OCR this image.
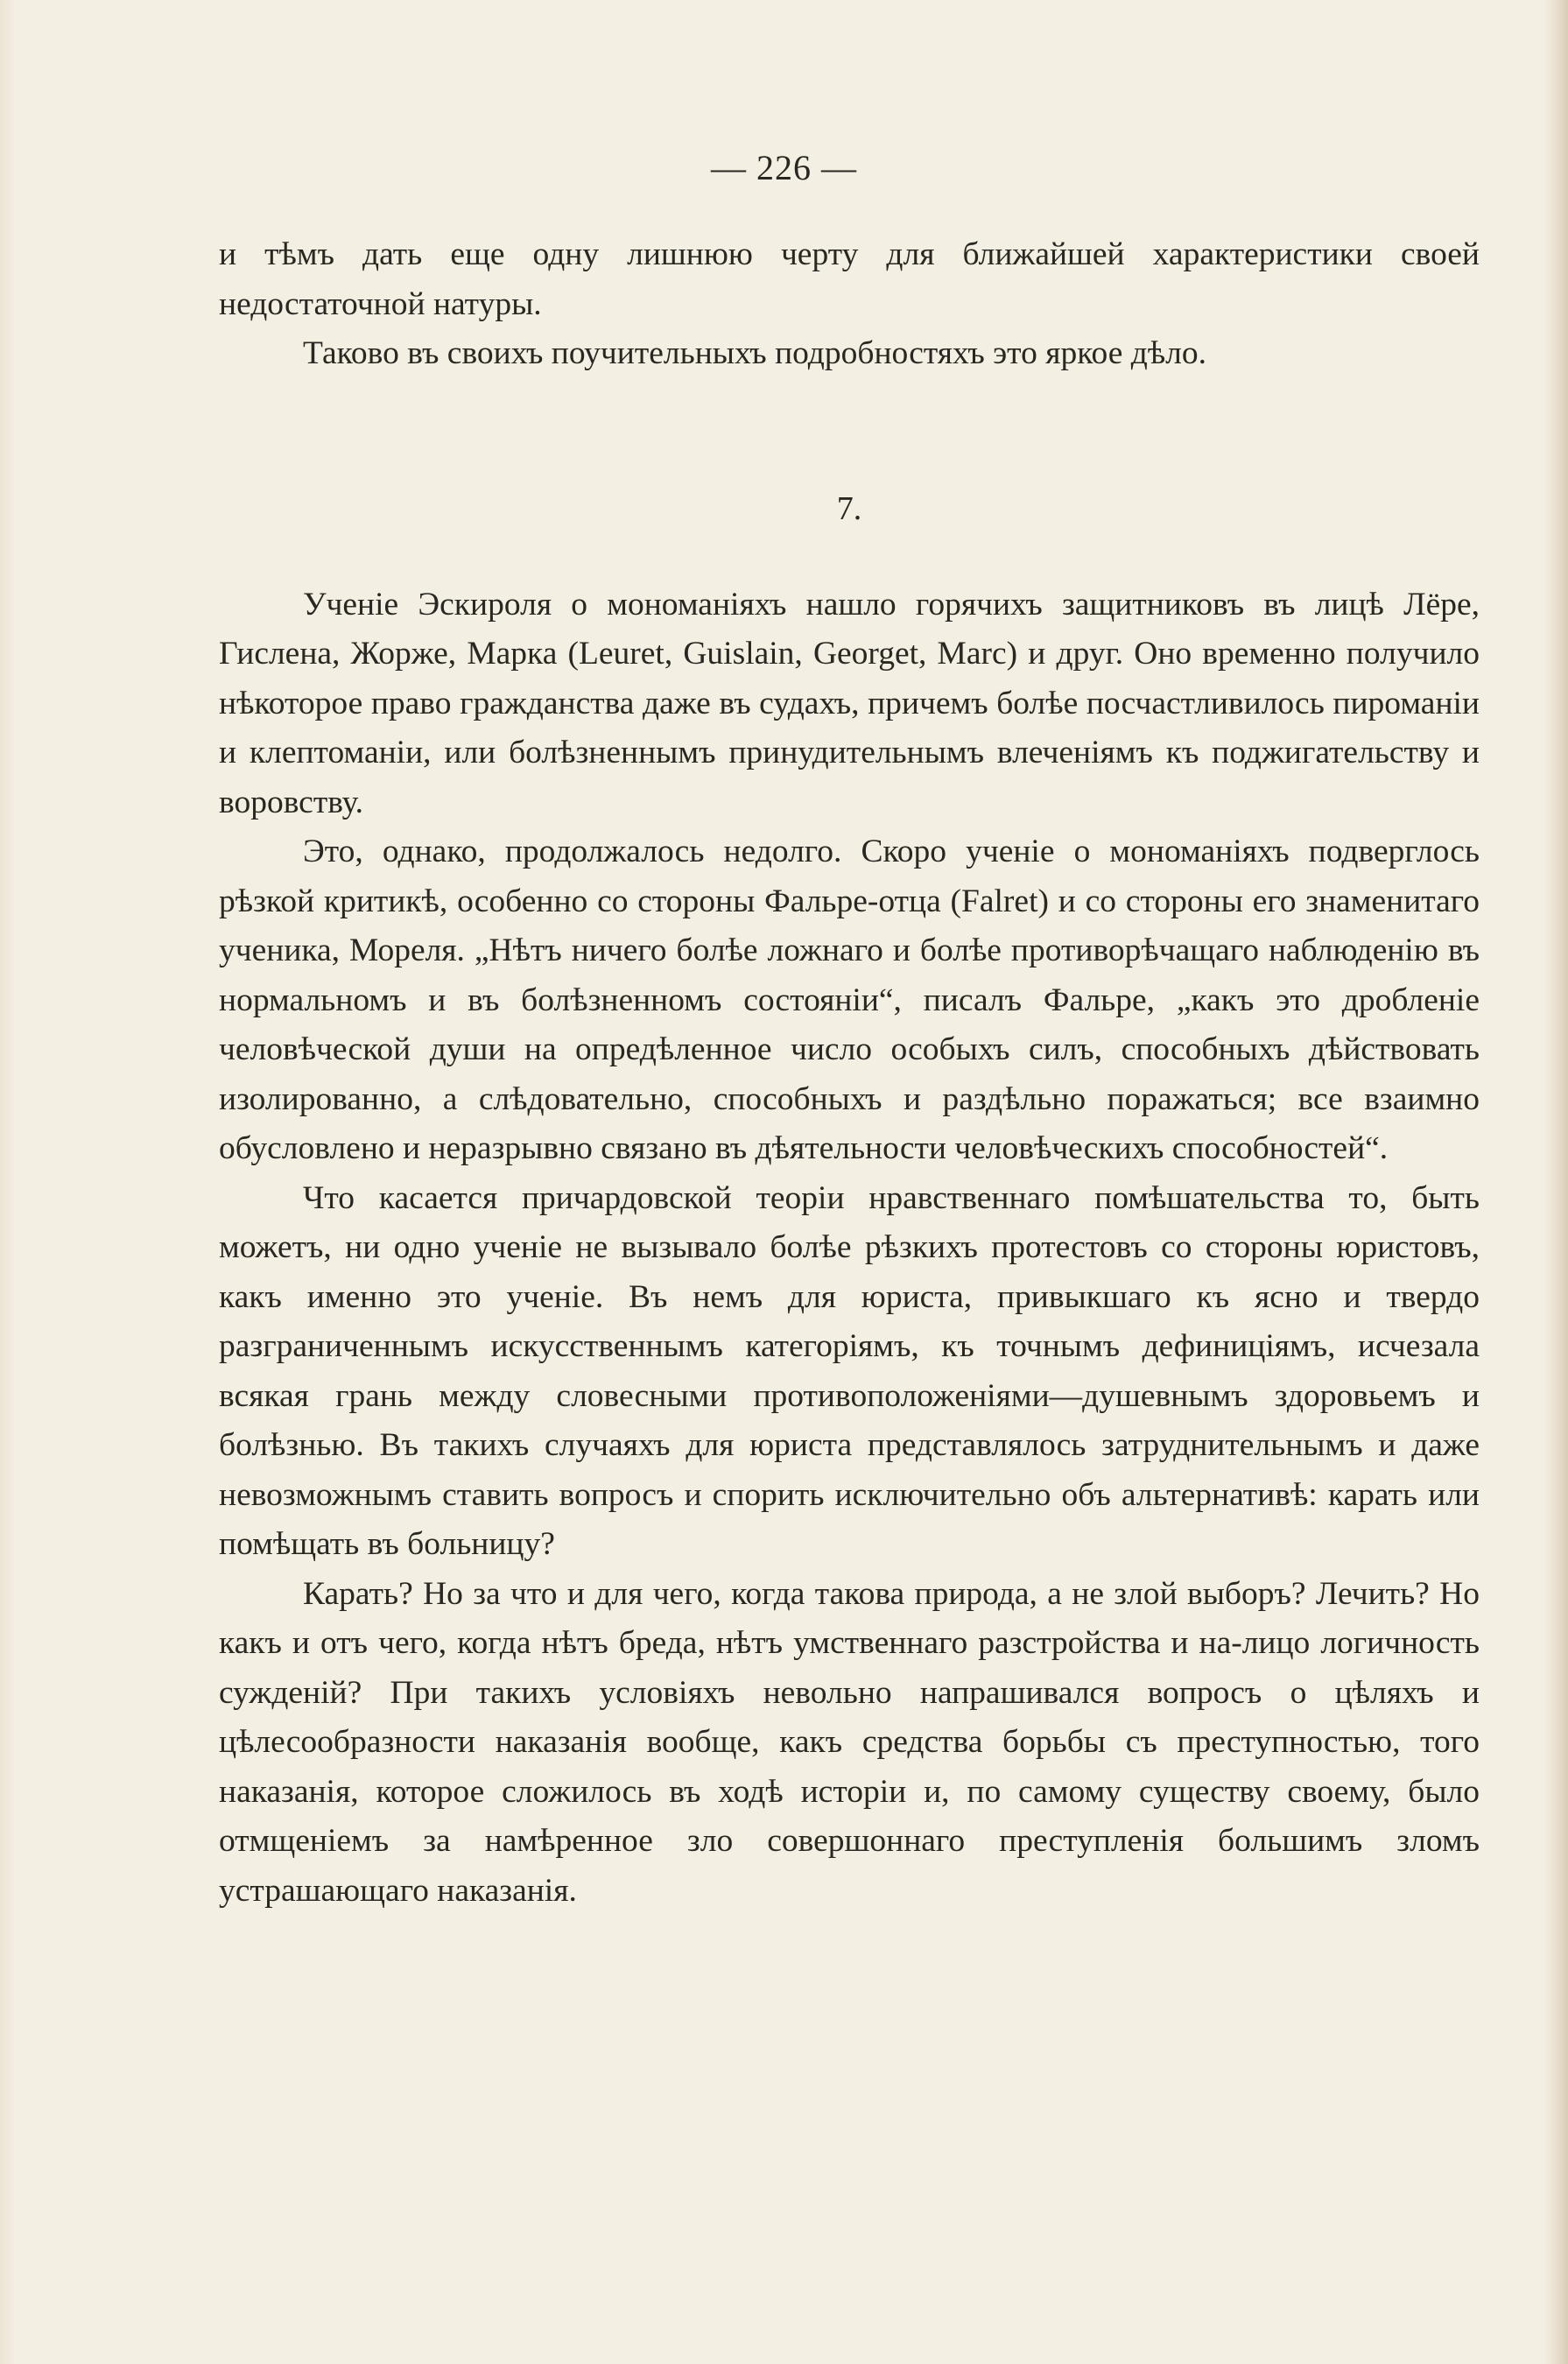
— 226 —

и тѣмъ дать еще одну лишнюю черту для ближайшей характеристики своей недостаточной натуры.

Таково въ своихъ поучительныхъ подробностяхъ это яркое дѣло.

7.

Ученіе Эскироля о мономаніяхъ нашло горячихъ защитниковъ въ лицѣ Лёре, Гислена, Жорже, Марка (Leuret, Guislain, Georget, Marc) и друг. Оно временно получило нѣкоторое право гражданства даже въ судахъ, причемъ болѣе посчастливилось пироманіи и клептоманіи, или болѣзненнымъ принудительнымъ влеченіямъ къ поджигательству и воровству.

Это, однако, продолжалось недолго. Скоро ученіе о мономаніяхъ подверглось рѣзкой критикѣ, особенно со стороны Фальре-отца (Falret) и со стороны его знаменитаго ученика, Мореля. „Нѣтъ ничего болѣе ложнаго и болѣе противорѣчащаго наблюденію въ нормальномъ и въ болѣзненномъ состояніи“, писалъ Фальре, „какъ это дробленіе человѣческой души на опредѣленное число особыхъ силъ, способныхъ дѣйствовать изолированно, а слѣдовательно, способныхъ и раздѣльно поражаться; все взаимно обусловлено и неразрывно связано въ дѣятельности человѣческихъ способностей“.

Что касается причардовской теоріи нравственнаго помѣшательства то, быть можетъ, ни одно ученіе не вызывало болѣе рѣзкихъ протестовъ со стороны юристовъ, какъ именно это ученіе. Въ немъ для юриста, привыкшаго къ ясно и твердо разграниченнымъ искусственнымъ категоріямъ, къ точнымъ дефиниціямъ, исчезала всякая грань между словесными противоположеніями—душевнымъ здоровьемъ и болѣзнью. Въ такихъ случаяхъ для юриста представлялось затруднительнымъ и даже невозможнымъ ставить вопросъ и спорить исключительно объ альтернативѣ: карать или помѣщать въ больницу?

Карать? Но за что и для чего, когда такова природа, а не злой выборъ? Лечить? Но какъ и отъ чего, когда нѣтъ бреда, нѣтъ умственнаго разстройства и на-лицо логичность сужденій? При такихъ условіяхъ невольно напрашивался вопросъ о цѣляхъ и цѣлесообразности наказанія вообще, какъ средства борьбы съ преступностью, того наказанія, которое сложилось въ ходѣ исторіи и, по самому существу своему, было отмщеніемъ за намѣренное зло совершоннаго преступленія большимъ зломъ устрашающаго наказанія.
